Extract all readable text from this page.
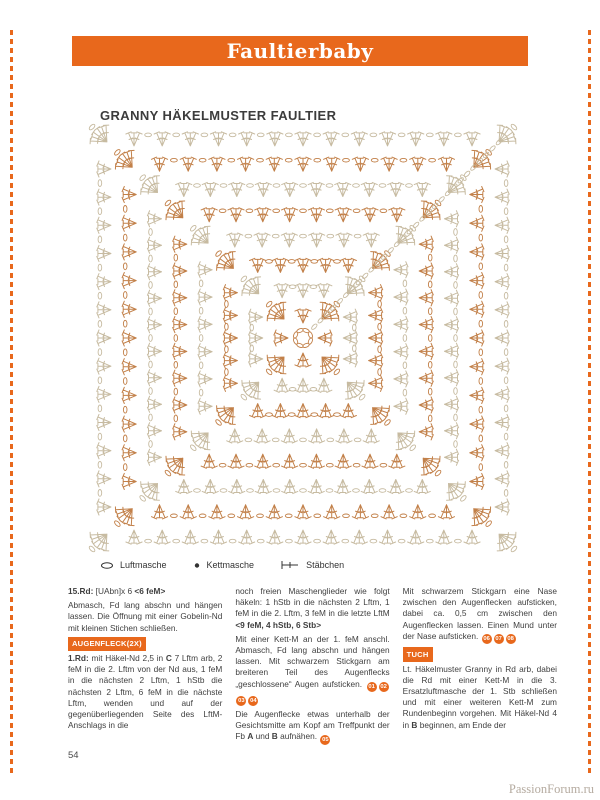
Faultierbaby
GRANNY HÄKELMUSTER FAULTIER
Luftmasche	Kettmasche	Stäbchen

15.Rd: [UAbn]x 6 <6 feM>

Abmasch, Fd lang abschn und hängen lassen. Die Öffnung mit einer Gobelin-Nd mit kleinen Stichen schließen.

AUGENFLECK(2X)

1.Rd: mit Häkel-Nd 2,5 in C 7 Lftm arb, 2 feM in die 2. Lftm von der Nd aus, 1 feM in die nächsten 2 Lftm, 1 hStb die nächsten 2 Lftm, 6 feM in die nächste Lftm, wenden und auf der gegenüberliegenden Seite des LftM-Anschlags in die

noch freien Maschenglieder wie folgt häkeln: 1 hStb in die nächsten 2 Lftm, 1 feM in die 2. Lftm, 3 feM in die letzte LftM <9 feM, 4 hStb, 6 Stb>

Mit einer Kett-M an der 1. feM anschl. Abmasch, Fd lang abschn und hängen lassen. Mit schwarzem Stickgarn am breiteren Teil des Augenflecks „geschlossene“ Augen aufsticken. 01 0203 04

Die Augenflecke etwas unterhalb der Gesichtsmitte am Kopf am Treffpunkt der Fb A und B aufnähen. 05

Mit schwarzem Stickgarn eine Nase zwischen den Augenflecken aufsticken, dabei ca. 0,5 cm zwischen den Augenflecken lassen. Einen Mund unter der Nase aufsticken. 06 07 08

TUCH

Lt. Häkelmuster Granny in Rd arb, dabei die Rd mit einer Kett-M in die 3. Ersatzluftmasche der 1. Stb schließen und mit einer weiteren Kett-M zum Rundenbeginn vorgehen. Mit Häkel-Nd 4 in B beginnen, am Ende der

54
PassionForum.ru
